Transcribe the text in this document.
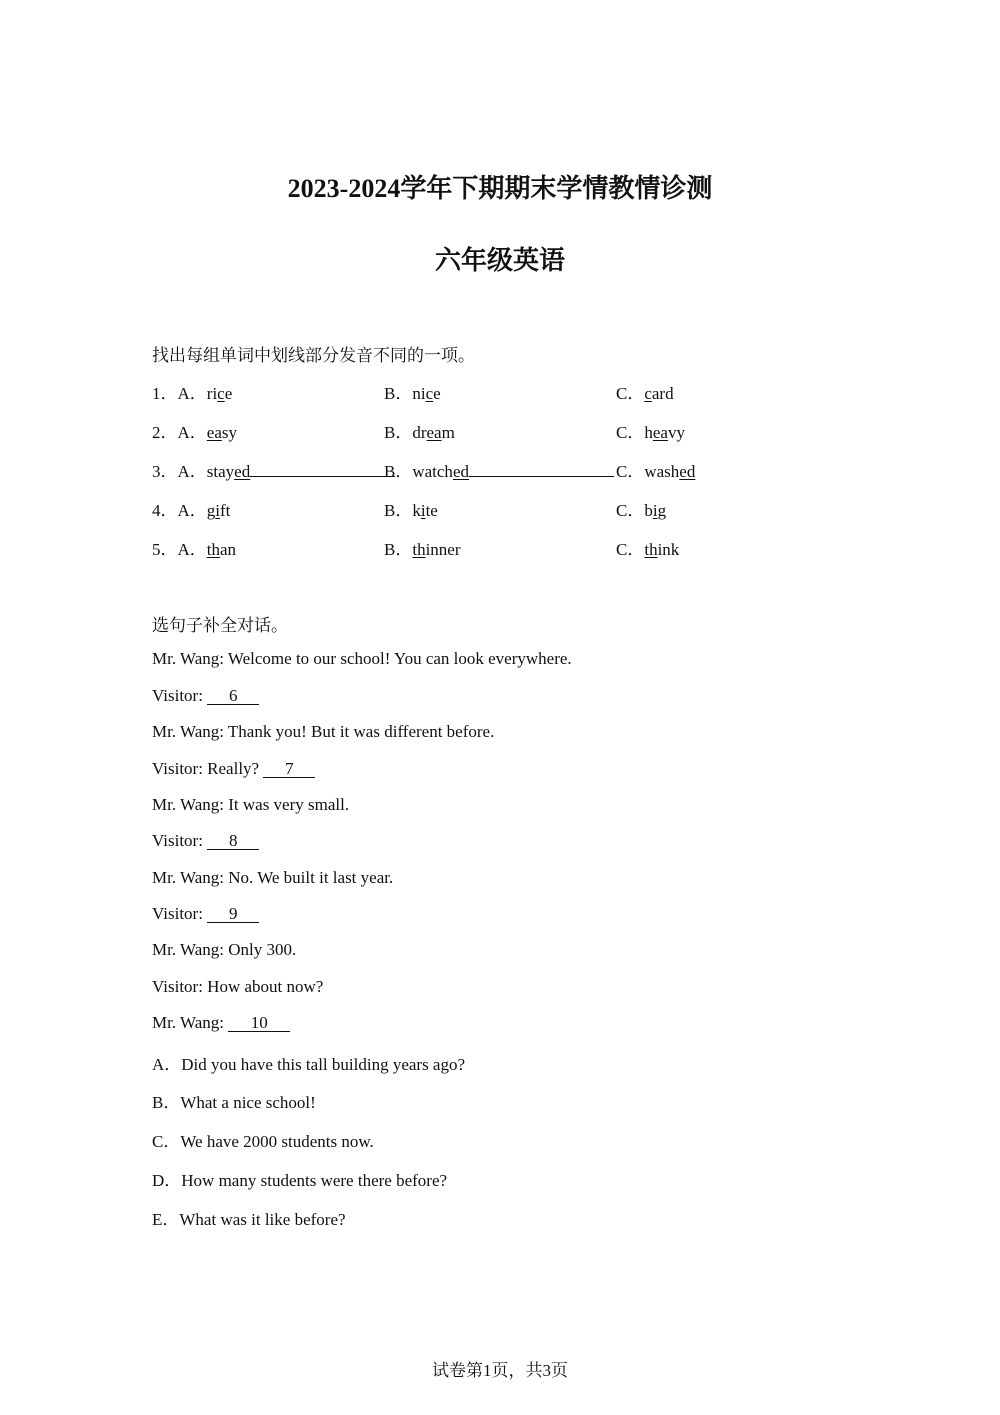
2023-2024学年下期期末学情教情诊测
六年级英语
找出每组单词中划线部分发音不同的一项。
1．A．rice	B．nice	C．card
2．A．easy	B．dream	C．heavy
3．A．stayed	B．watched	C．washed
4．A．gift	B．kite	C．big
5．A．than	B．thinner	C．think
选句子补全对话。
Mr. Wang: Welcome to our school! You can look everywhere.
Visitor: 6
Mr. Wang: Thank you! But it was different before.
Visitor: Really? 7
Mr. Wang: It was very small.
Visitor: 8
Mr. Wang: No. We built it last year.
Visitor: 9
Mr. Wang: Only 300.
Visitor: How about now?
Mr. Wang: 10
A．Did you have this tall building years ago?
B．What a nice school!
C．We have 2000 students now.
D．How many students were there before?
E．What was it like before?
试卷第1页，共3页
